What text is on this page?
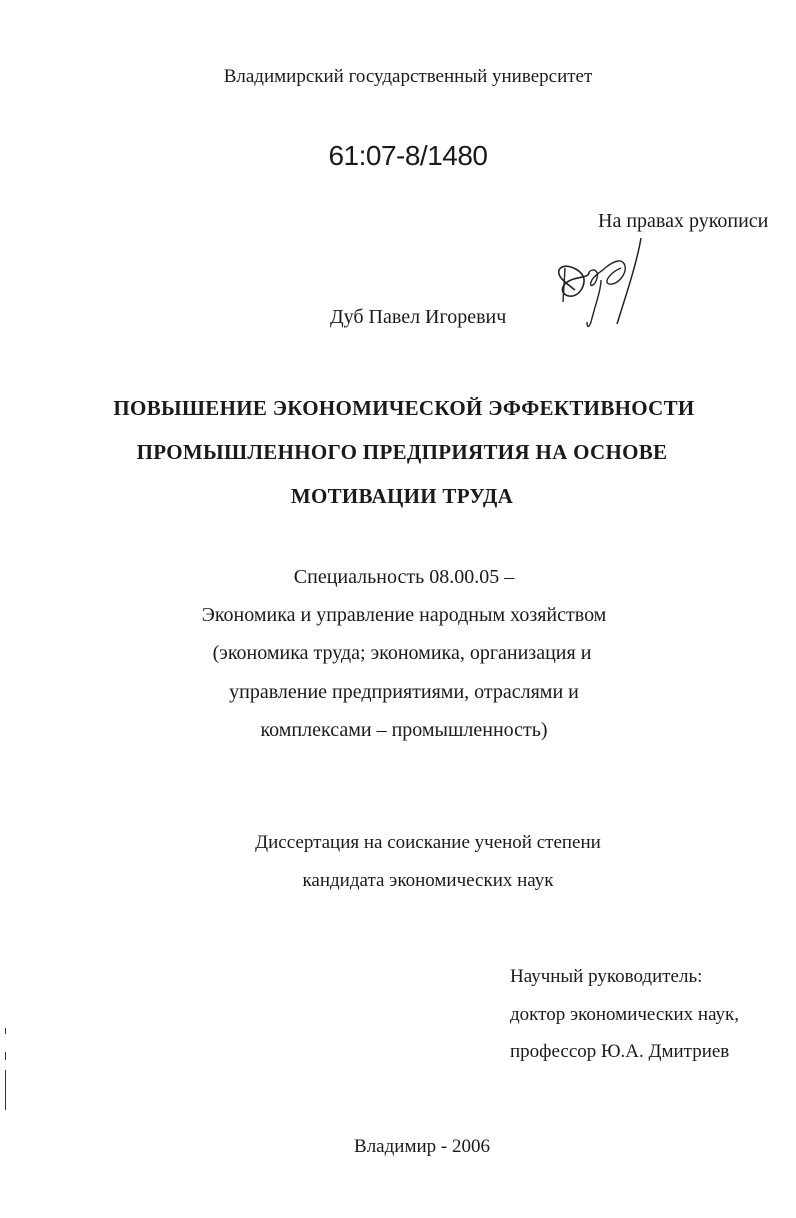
Владимирский государственный университет
61:07-8/1480
На правах рукописи
Дуб Павел Игоревич
ПОВЫШЕНИЕ ЭКОНОМИЧЕСКОЙ ЭФФЕКТИВНОСТИ
ПРОМЫШЛЕННОГО ПРЕДПРИЯТИЯ НА ОСНОВЕ
МОТИВАЦИИ ТРУДА
Специальность 08.00.05 –
Экономика и управление народным хозяйством
(экономика труда; экономика, организация и
управление предприятиями, отраслями и
комплексами – промышленность)
Диссертация на соискание ученой степени
кандидата экономических наук
Научный руководитель:
доктор экономических наук,
профессор Ю.А. Дмитриев
Владимир - 2006
